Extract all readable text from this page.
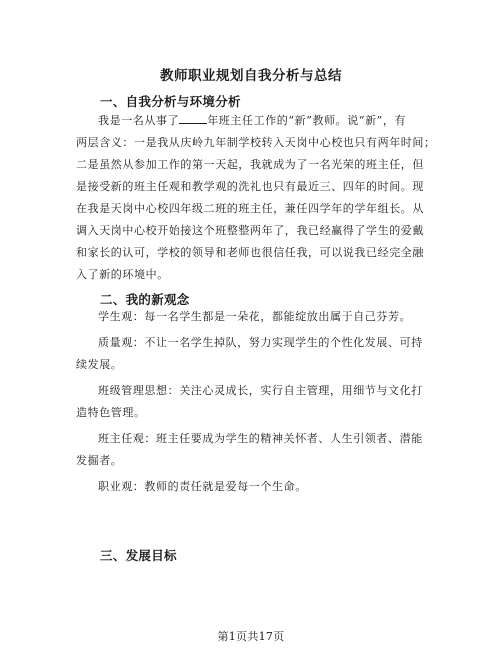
教师职业规划自我分析与总结
一、自我分析与环境分析
我是一名从事了	年班主任工作的“新”教师。说“新”，有
两层含义：一是我从庆岭九年制学校转入天岗中心校也只有两年时间；
二是虽然从参加工作的第一天起，我就成为了一名光荣的班主任，但
是接受新的班主任观和教学观的洗礼也只有最近三、四年的时间。现
在我是天岗中心校四年级二班的班主任，兼任四学年的学年组长。从
调入天岗中心校开始接这个班整整两年了，我已经赢得了学生的爱戴
和家长的认可，学校的领导和老师也很信任我，可以说我已经完全融
入了新的环境中。
二、我的新观念
学生观：每一名学生都是一朵花，都能绽放出属于自己芬芳。
质量观：不让一名学生掉队，努力实现学生的个性化发展、可持
续发展。
班级管理思想：关注心灵成长，实行自主管理，用细节与文化打
造特色管理。
班主任观：班主任要成为学生的精神关怀者、人生引领者、潜能
发掘者。
职业观：教师的责任就是爱每一个生命。
三、发展目标
第1页共17页
